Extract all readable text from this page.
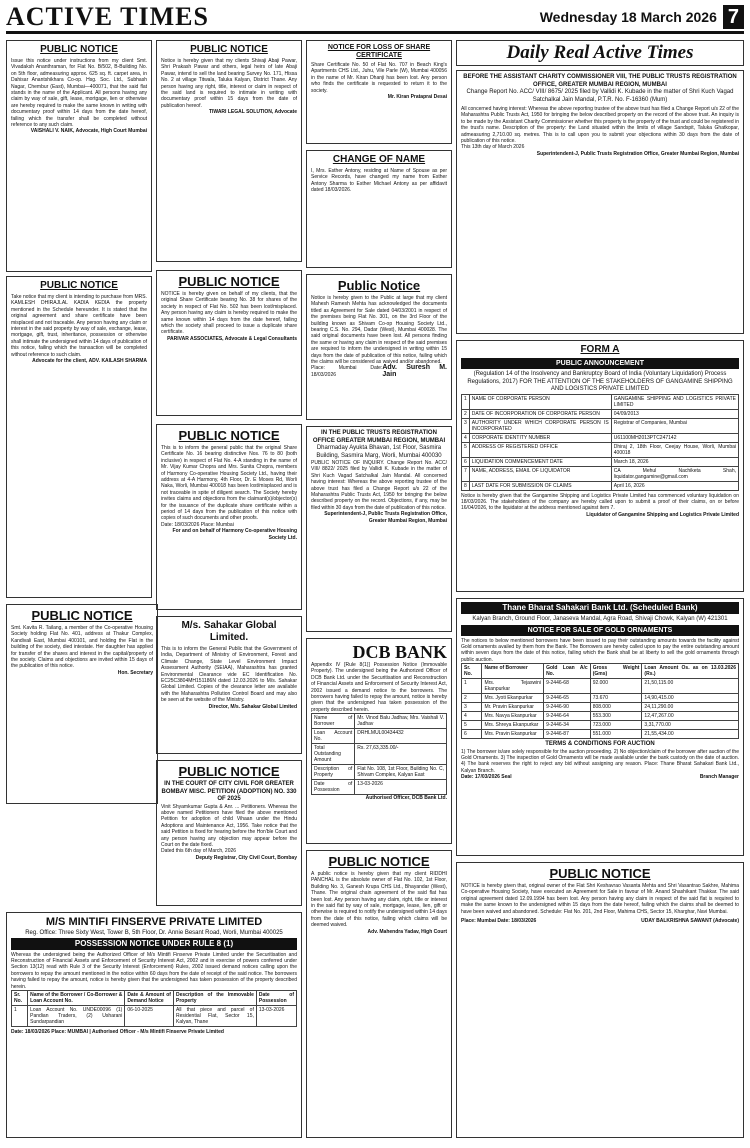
ACTIVE TIMES	Wednesday 18 March 2026 7
PUBLIC NOTICE

Issue this notice under instructions from my client Smt. Vivadaksh Ananthraman, for Flat No. B/502, B-Building No. on 5th floor, admeasuring approx. 625 sq. ft. carpet area, in Dahisar Anantshikhara Co-op. Hsg. Soc. Ltd., Subhash Nagar, Chembur (East), Mumbai—400071, that the said flat stands in the name of the Applicant. All persons having any claim by way of sale, gift, lease, mortgage, lien or otherwise are hereby required to make the same known in writing with documentary proof within 14 days from the date hereof, failing which the transfer shall be completed without reference to any such claim.

VAISHALI V. NAIK, Advocate, High Court Mumbai
PUBLIC NOTICE

Take notice that my client is intending to purchase from MRS. KAMLESH DHIRAJLAL KADIA KEDIA the property mentioned in the Schedule hereunder. It is stated that the original agreement and share certificate have been misplaced and not traceable. Any person having any claim or interest in the said property by way of sale, exchange, lease, mortgage, gift, trust, inheritance, possession or otherwise shall intimate the undersigned within 14 days of publication of this notice, failing which the transaction will be completed without reference to such claim.

Advocate for the client, ADV. KAILASH SHARMA
PUBLIC NOTICE

Smt. Kavita R. Tailang, a member of the Co-operative Housing Society holding Flat No. 401, address at Thakur Complex, Kandivali East, Mumbai 400101, and holding the Flat in the building of the society, died intestate. Her daughter has applied for transfer of the shares and interest in the capital/property of the society. Claims and objections are invited within 15 days of the publication of this notice.

Hon. Secretary
PUBLIC NOTICE

Notice is hereby given that my clients Shivaji Abaji Pawar, Shri Prakash Pawar and others, legal heirs of late Abaji Pawar, intend to sell the land bearing Survey No. 171, Hissa No. 2 at village Titwala, Taluka Kalyan, District Thane. Any person having any right, title, interest or claim in respect of the said land is required to intimate in writing with documentary proof within 15 days from the date of publication hereof.

TIWARI LEGAL SOLUTION, Advocate
PUBLIC NOTICE

NOTICE is hereby given on behalf of my clients, that the original Share Certificate bearing No. 38 for shares of the society in respect of Flat No. 502 has been lost/misplaced. Any person having any claim is hereby required to make the same known within 14 days from the date hereof, failing which the society shall proceed to issue a duplicate share certificate.

PARIVAR ASSOCIATES, Advocate & Legal Consultants
NOTICE FOR LOSS OF SHARE CERTIFICATE

Share Certificate No. 50 of Flat No. 707 in Beach King's Apartments CHS Ltd., Juhu, Vile Parle (W), Mumbai 400056 in the name of Mr. Kiran Dhanji has been lost. Any person who finds the certificate is requested to return it to the society.

Mr. Kiran Prataprai Desai
CHANGE OF NAME

I, Mrs. Esther Antony, residing at Name of Spouse as per Service Records, have changed my name from Esther Antony Sharma to Esther Michael Antony as per affidavit dated 18/03/2026.

Daily Real Active Times
Public Notice

Notice is hereby given to the Public at large that my client Mahesh Ramesh Mehta has acknowledged the documents titled as Agreement for Sale dated 04/03/2001 in respect of the premises being Flat No. 301, on the 3rd Floor of the building known as Shivam Co-op Housing Society Ltd., bearing C.S. No. 294, Dadar (West), Mumbai 400028. The said original documents have been lost. All persons finding the same or having any claim in respect of the said premises are required to inform the undersigned in writing within 15 days from the date of publication of this notice, failing which the claims will be considered as waived and/or abandoned.

Place: Mumbai Date: 18/03/2026
Adv. Suresh M. Jain
PUBLIC NOTICE

This is to inform the general public that the original Share Certificate No. 16 bearing distinctive Nos. 76 to 80 (both inclusive) in respect of Flat No. 4-A standing in the name of Mr. Vijay Kumar Chopra and Mrs. Sunita Chopra, members of Harmony Co-operative Housing Society Ltd., having their address at 4-A Harmony, 4th Floor, Dr. E Moses Rd, Worli Naka, Worli, Mumbai 400018 has been lost/misplaced and is not traceable in spite of diligent search. The Society hereby invites claims and objections from the claimant(s)/objector(s) for the issuance of the duplicate share certificate within a period of 14 days from the publication of this notice with copies of such documents and other proofs.

Date: 18/03/2026 Place: Mumbai
For and on behalf of Harmony Co-operative Housing Society Ltd.
M/s. Sahakar Global Limited.

This is to inform the General Public that the Government of India, Department of Ministry of Environment, Forest and Climate Change, State Level Environment Impact Assessment Authority (SEIAA), Maharashtra has granted Environmental Clearance vide EC Identification No. EC25C3804MH151186N dated 12.03.2026 to M/s. Sahakar Global Limited. Copies of the clearance letter are available with the Maharashtra Pollution Control Board and may also be seen at the website of the Ministry.

Director, M/s. Sahakar Global Limited
PUBLIC NOTICE
IN THE COURT OF CITY CIVIL FOR GREATER BOMBAY MISC. PETITION (ADOPTION) NO. 330 OF 2025

Vinit Shyamkumar Gupta & Anr. ... Petitioners. Whereas the above named Petitioners have filed the above mentioned Petition for adoption of child Vihaan under the Hindu Adoptions and Maintenance Act, 1956. Take notice that the said Petition is fixed for hearing before the Hon'ble Court and any person having any objection may appear before the Court on the date fixed.

Dated this 6th day of March, 2026
Deputy Registrar, City Civil Court, Bombay
IN THE PUBLIC TRUSTS REGISTRATION OFFICE GREATER MUMBAI REGION, MUMBAI
Dharmaday Ayukta Bhavan, 1st Floor, Sasmira Building, Sasmira Marg, Worli, Mumbai 400030

PUBLIC NOTICE OF INQUIRY. Change Report No. ACC/ VIII/ 8822/ 2025 filed by Vallidi K. Kubade in the matter of Shri Kuch Vagad Satchalkal Jain Mandal. All concerned having interest: Whereas the above reporting trustee of the above trust has filed a Change Report u/s 22 of the Maharashtra Public Trusts Act, 1950 for bringing the below described property on the record. Objections, if any, may be filed within 30 days from the date of publication of this notice.

Superintendent-J, Public Trusts Registration Office, Greater Mumbai Region, Mumbai
DCB BANK

Appendix IV [Rule 8(1)] Possession Notice (Immovable Property). The undersigned being the Authorized Officer of DCB Bank Ltd. under the Securitisation and Reconstruction of Financial Assets and Enforcement of Security Interest Act, 2002 issued a demand notice to the borrowers. The borrowers having failed to repay the amount, notice is hereby given that the undersigned has taken possession of the property described herein.

Name of Borrower	Mr. Vinod Balu Jadhav, Mrs. Vaishali V. Jadhav
Loan Account No.	DRHLMUL00434432
Total Outstanding Amount	Rs. 27,63,335.00/-
Description of Property	Flat No. 108, 1st Floor, Building No. C, Shivam Complex, Kalyan East
Date of Possession	13-03-2026
Authorised Officer, DCB Bank Ltd.
PUBLIC NOTICE

A public notice is hereby given that my client RIDDHI PANCHAL is the absolute owner of Flat No. 102, 1st Floor, Building No. 3, Ganesh Krupa CHS Ltd., Bhayandar (West), Thane. The original chain agreement of the said flat has been lost. Any person having any claim, right, title or interest in the said flat by way of sale, mortgage, lease, lien, gift or otherwise is required to notify the undersigned within 14 days from the date of this notice, failing which claims will be deemed waived.

Adv. Mahendra Yadav, High Court
M/S MINTIFI FINSERVE PRIVATE LIMITED
Reg. Office: Three Sixty West, Tower B, 5th Floor, Dr. Annie Besant Road, Worli, Mumbai 400025
POSSESSION NOTICE UNDER RULE 8 (1)

Whereas the undersigned being the Authorized Officer of M/s Mintifi Finserve Private Limited under the Securitisation and Reconstruction of Financial Assets and Enforcement of Security Interest Act, 2002 and in exercise of powers conferred under Section 13(12) read with Rule 3 of the Security Interest (Enforcement) Rules, 2002 issued demand notices calling upon the borrowers to repay the amount mentioned in the notice within 60 days from the date of receipt of the said notice. The borrowers having failed to repay the amount, notice is hereby given that the undersigned has taken possession of the property described herein.

Sr. No.	Name of the Borrower / Co-Borrower & Loan Account No.	Date & Amount of Demand Notice	Description of the Immovable Property	Date of Possession
1	Loan Account No. UNDE00096 (1) Pandian Traders, (2) Usharani Sundarpandian	06-10-2025	All that piece and parcel of Residential Flat, Sector 15, Kalyan, Thane	13-03-2026
Date: 18/03/2026 Place: MUMBAI | Authorised Officer - M/s Mintifi Finserve Private Limited
BEFORE THE ASSISTANT CHARITY COMMISSIONER VIII, THE PUBLIC TRUSTS REGISTRATION OFFICE, GREATER MUMBAI REGION, MUMBAI
Change Report No. ACC/ VIII/ 8675/ 2025 filed by Vallidi K. Kubade in the matter of Shri Kuch Vagad Satchalkal Jain Mandal, P.T.R. No. F-16360 (Mum)

All concerned having interest: Whereas the above reporting trustee of the above trust has filed a Change Report u/s 22 of the Maharashtra Public Trusts Act, 1950 for bringing the below described property on the record of the above trust. An inquiry is to be made by the Assistant Charity Commissioner whether this property is the property of the trust and could be registered in the trust's name. Description of the property: the Land situated within the limits of village Sandspit, Taluka Ghatkopar, admeasuring 2,710.00 sq. metres. This is to call upon you to submit your objections within 30 days from the date of publication of this notice.

This 13th day of March 2026
Superintendent-J, Public Trusts Registration Office, Greater Mumbai Region, Mumbai
FORM A
PUBLIC ANNOUNCEMENT
(Regulation 14 of the Insolvency and Bankruptcy Board of India (Voluntary Liquidation) Process Regulations, 2017) FOR THE ATTENTION OF THE STAKEHOLDERS OF GANGAMINE SHIPPING AND LOGISTICS PRIVATE LIMITED
1	NAME OF CORPORATE PERSON	GANGAMINE SHIPPING AND LOGISTICS PRIVATE LIMITED
2	DATE OF INCORPORATION OF CORPORATE PERSON	04/09/2013
3	AUTHORITY UNDER WHICH CORPORATE PERSON IS INCORPORATED	Registrar of Companies, Mumbai
4	CORPORATE IDENTITY NUMBER	U61100MH2013PTC247142
5	ADDRESS OF REGISTERED OFFICE	Dhiraj 2, 18th Floor, Ceejay House, Worli, Mumbai 400018
6	LIQUIDATION COMMENCEMENT DATE	March 18, 2026
7	NAME, ADDRESS, EMAIL OF LIQUIDATOR	CA Mehul Nachiketa Shah, liquidator.gangamine@gmail.com
8	LAST DATE FOR SUBMISSION OF CLAIMS	April 16, 2026

Notice is hereby given that the Gangamine Shipping and Logistics Private Limited has commenced voluntary liquidation on 18/03/2026. The stakeholders of the company are hereby called upon to submit a proof of their claims, on or before 16/04/2026, to the liquidator at the address mentioned against item 7.

Liquidator of Gangamine Shipping and Logistics Private Limited
Thane Bharat Sahakari Bank Ltd. (Scheduled Bank)
Kalyan Branch, Ground Floor, Janaseva Mandal, Agra Road, Shivaji Chowk, Kalyan (W) 421301
NOTICE FOR SALE OF GOLD ORNAMENTS

The notices to below mentioned borrowers have been issued to pay their outstanding amounts towards the facility against Gold ornaments availed by them from the Bank. The Borrowers are hereby called upon to pay the entire outstanding amount within seven days from the date of this notice, failing which the Bank shall be at liberty to sell the gold ornaments through public auction.

Sr. No.	Name of Borrower	Gold Loan A/c No.	Gross Weight (Gms)	Loan Amount Os. as on 13.03.2026 (Rs.)
1	Mrs. Tejaswini Ekanpurkar	9-2446-68	92.000	21,50,115.00
2	Mrs. Jyoti Ekanpurkar	9-2446-65	73.670	14,90,415.00
3	Mr. Pravin Ekanpurkar	9-2446-90	808.000	24,11,290.00
4	Mrs. Navya Ekanpurkar	9-2446-64	553.300	12,47,267.00
5	Mrs. Shreya Ekanpurkar	9-2446-34	723.000	3,31,770.00
6	Mrs. Pravin Ekanpurkar	9-2446-87	551.000	21,55,434.00
TERMS & CONDITIONS FOR AUCTION

1) The borrower is/are solely responsible for the auction proceeding. 2) No objection/claim of the borrower after auction of the Gold Ornaments. 3) The inspection of Gold Ornaments will be made available under the bank custody on the date of auction. 4) The bank reserves the right to reject any bid without assigning any reason. Place: Thane Bharat Sahakari Bank Ltd., Kalyan Branch.

Date: 17/03/2026 Seal	Branch Manager
PUBLIC NOTICE

NOTICE is hereby given that, original owner of the Flat Shri Keshavrao Vasanta Mehta and Shri Vasantrao Sakhre, Mahima Co-operative Housing Society, have executed an Agreement for Sale in favour of Mr. Anand Shashikant Thakkar. The said original agreement dated 12.09.1994 has been lost. Any person having any claim in respect of the said flat is required to make the same known to the undersigned within 15 days from the date hereof, failing which the claims shall be deemed to have been waived and abandoned. Schedule: Flat No. 201, 2nd Floor, Mahima CHS, Sector 15, Kharghar, Navi Mumbai.

Place: Mumbai Date: 18/03/2026	UDAY BALKRISHNA SAWANT (Advocate)
